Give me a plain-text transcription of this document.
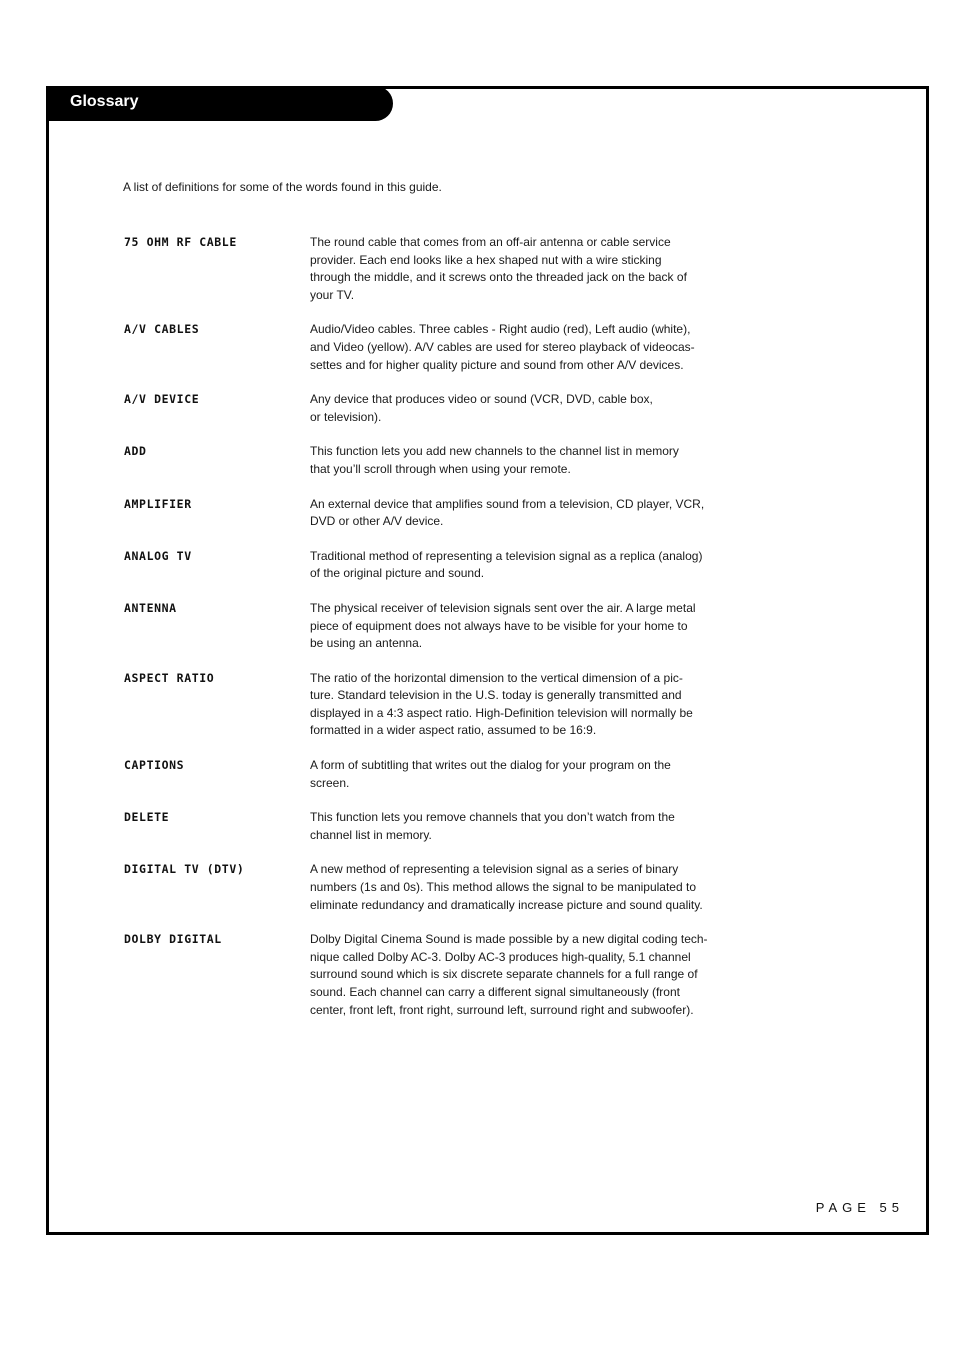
Glossary
A list of definitions for some of the words found in this guide.
75 OHM RF CABLE	The round cable that comes from an off-air antenna or cable service
provider. Each end looks like a hex shaped nut with a wire sticking
through the middle, and it screws onto the threaded jack on the back of
your TV.
A/V CABLES	Audio/Video cables. Three cables - Right audio (red), Left audio (white),
and Video (yellow). A/V cables are used for stereo playback of videocas-
settes and for higher quality picture and sound from other A/V devices.
A/V DEVICE	Any device that produces video or sound (VCR, DVD, cable box,
or television).
ADD	This function lets you add new channels to the channel list in memory
that you’ll scroll through when using your remote.
AMPLIFIER	An external device that amplifies sound from a television, CD player, VCR,
DVD or other A/V device.
ANALOG TV	Traditional method of representing a television signal as a replica (analog)
of the original picture and sound.
ANTENNA	The physical receiver of television signals sent over the air. A large metal
piece of equipment does not always have to be visible for your home to
be using an antenna.
ASPECT RATIO	The ratio of the horizontal dimension to the vertical dimension of a pic-
ture. Standard television in the U.S. today is generally transmitted and
displayed in a 4:3 aspect ratio. High-Definition television will normally be
formatted in a wider aspect ratio, assumed to be 16:9.
CAPTIONS	A form of subtitling that writes out the dialog for your program on the
screen.
DELETE	This function lets you remove channels that you don’t watch from the
channel list in memory.
DIGITAL TV (DTV)	A new method of representing a television signal as a series of binary
numbers (1s and 0s). This method allows the signal to be manipulated to
eliminate redundancy and dramatically increase picture and sound quality.
DOLBY DIGITAL	Dolby Digital Cinema Sound is made possible by a new digital coding tech-
nique called Dolby AC-3. Dolby AC-3 produces high-quality, 5.1 channel
surround sound which is six discrete separate channels for a full range of
sound. Each channel can carry a different signal simultaneously (front
center, front left, front right, surround left, surround right and subwoofer).
PAGE 55
